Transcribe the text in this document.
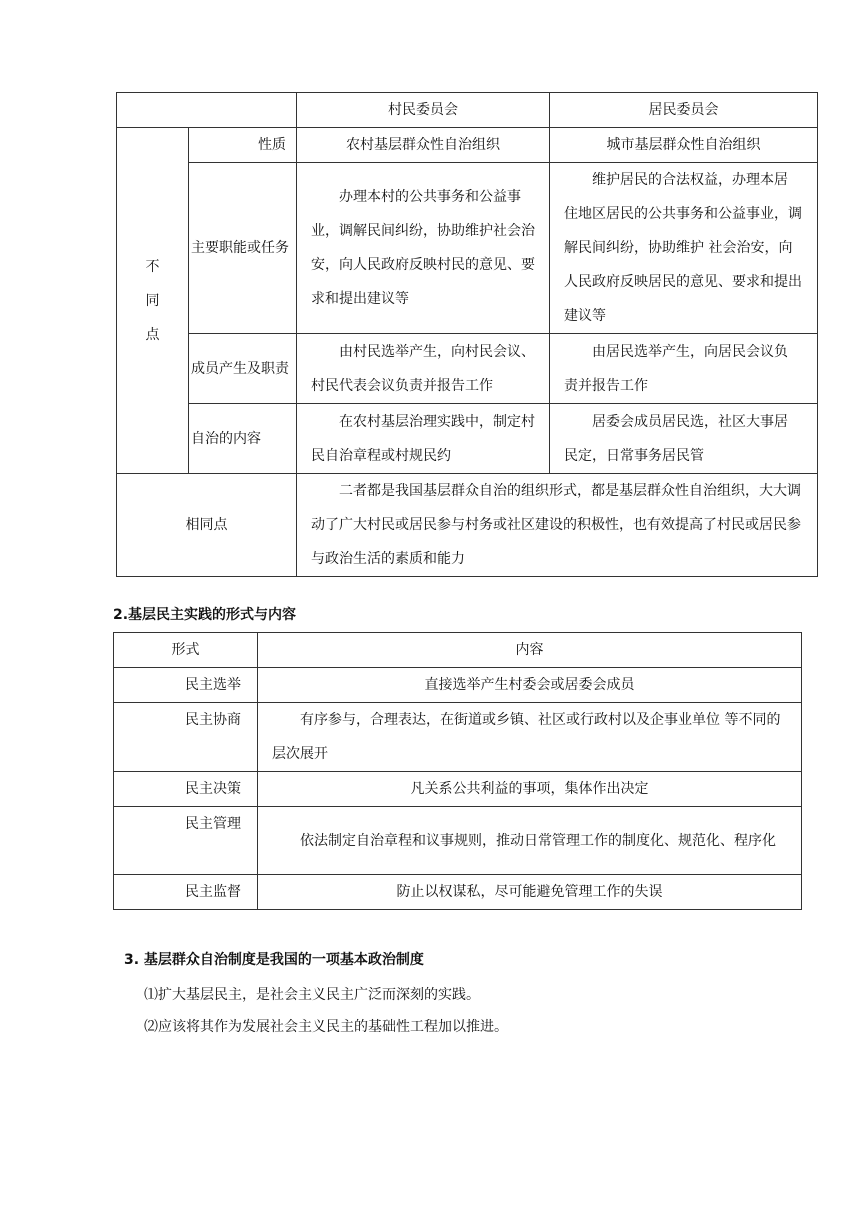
		村民委员会	居民委员会

不
同
点	性质	农村基层群众性自治组织	城市基层群众性自治组织
	主要职能或任务	办理本村的公共事务和公益事业，调解民间纠纷，协助维护社会治安，向人民政府反映村民的意见、要求和提出建议等	维护居民的合法权益，办理本居 住地区居民的公共事务和公益事业，调解民间纠纷，协助维护 社会治安，向人民政府反映居民的意见、要求和提出建议等
	成员产生及职责	由村民选举产生，向村民会议、村民代表会议负责并报告工作	由居民选举产生，向居民会议负 责并报告工作
	自治的内容	在农村基层治理实践中，制定村民自治章程或村规民约	居委会成员居民选，社区大事居 民定，日常事务居民管
相同点		二者都是我国基层群众自治的组织形式，都是基层群众性自治组织，大大调动了广大村民或居民参与村务或社区建设的积极性，也有效提高了村民或居民参与政治生活的素质和能力	
2.基层民主实践的形式与内容
形式	内容
民主选举	直接选举产生村委会或居委会成员
民主协商	有序参与，合理表达，在街道或乡镇、社区或行政村以及企事业单位 等不同的层次展开
民主决策	凡关系公共利益的事项，集体作出决定
民主管理	依法制定自治章程和议事规则，推动日常管理工作的制度化、规范化、程序化
民主监督	防止以权谋私，尽可能避免管理工作的失误
3. 基层群众自治制度是我国的一项基本政治制度
⑴扩大基层民主，是社会主义民主广泛而深刻的实践。
⑵应该将其作为发展社会主义民主的基础性工程加以推进。
